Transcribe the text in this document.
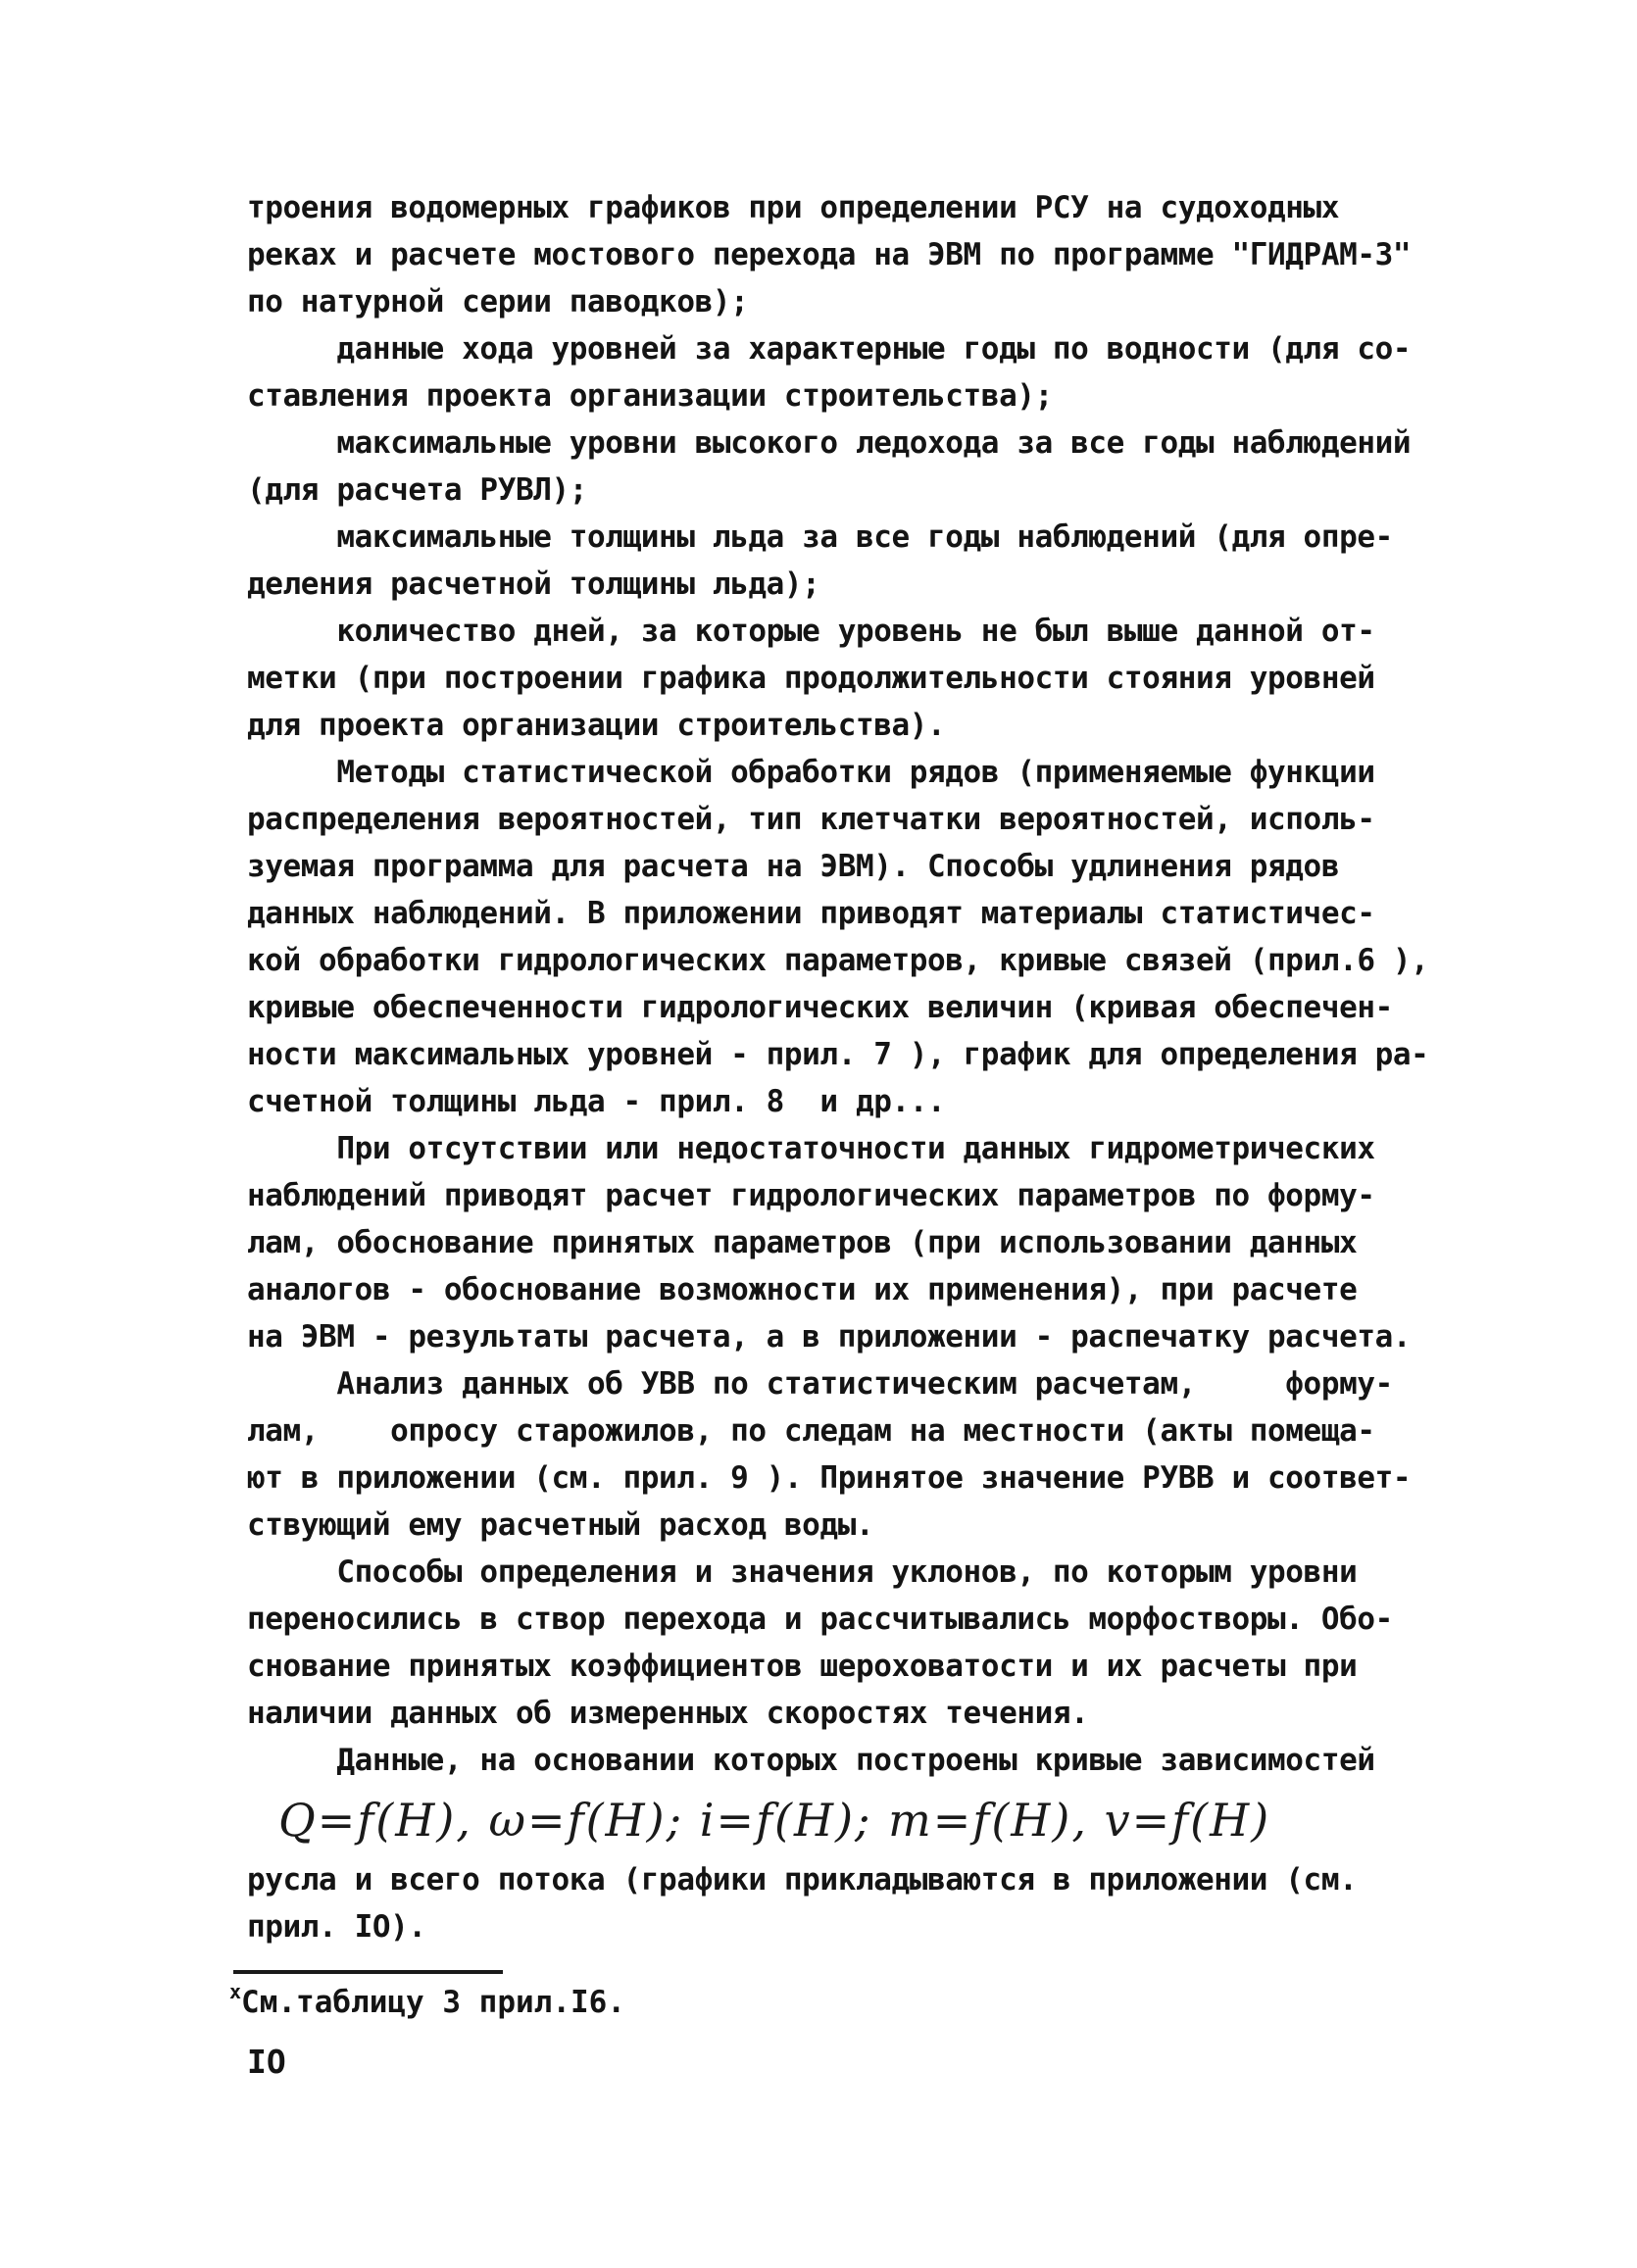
троения водомерных графиков при определении РСУ на судоходных
реках и расчете мостового перехода на ЭВМ по программе "ГИДРАМ-3"
по натурной серии паводков);
данные хода уровней за характерные годы по водности (для со-
ставления проекта организации строительства);
максимальные уровни высокого ледохода за все годы наблюдений
(для расчета РУВЛ);
максимальные толщины льда за все годы наблюдений (для опре-
деления расчетной толщины льда);
количество дней, за которые уровень не был выше данной от-
метки (при построении графика продолжительности стояния уровней
для проекта организации строительства).
Методы статистической обработки рядов (применяемые функции
распределения вероятностей, тип клетчатки вероятностей, исполь-
зуемая программа для расчета на ЭВМ). Способы удлинения рядов
данных наблюдений. В приложении приводят материалы статистичес-
кой обработки гидрологических параметров, кривые связей (прил.6 ),
кривые обеспеченности гидрологических величин (кривая обеспечен-
ности максимальных уровней - прил. 7 ), график для определения ра-
счетной толщины льда - прил. 8  и др...
При отсутствии или недостаточности данных гидрометрических
наблюдений приводят расчет гидрологических параметров по форму-
лам, обоснование принятых параметров (при использовании данных
аналогов - обоснование возможности их применения), при расчете
на ЭВМ - результаты расчета, а в приложении - распечатку расчета.
Анализ данных об УВВ по статистическим расчетам,     форму-
лам,    опросу старожилов, по следам на местности (акты помеща-
ют в приложении (см. прил. 9 ). Принятое значение РУВВ и соответ-
ствующий ему расчетный расход воды.
Способы определения и значения уклонов, по которым уровни
переносились в створ перехода и рассчитывались морфостворы. Обо-
снование принятых коэффициентов шероховатости и их расчеты при
наличии данных об измеренных скоростях течения.
Данные, на основании которых построены кривые зависимостей
Q=f(H), ω=f(H); i=f(H); m=f(H), v=f(H)
русла и всего потока (графики прикладываются в приложении (см.
прил. IO).
$^x$См.таблицу 3 прил.I6.
IO
